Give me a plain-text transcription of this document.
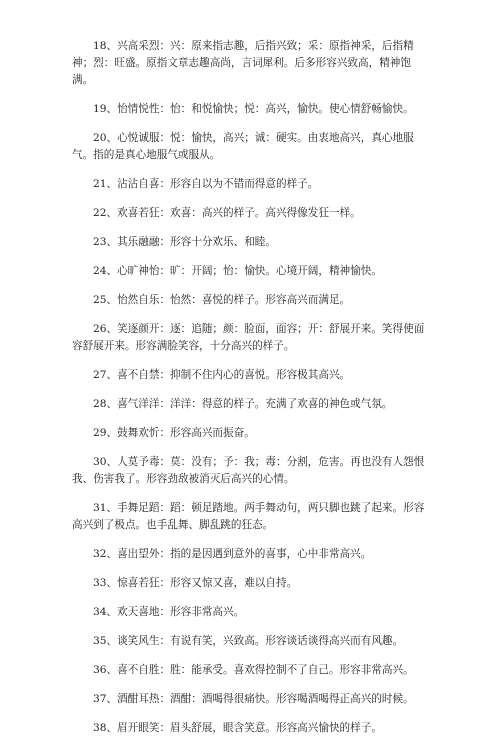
18、兴高采烈：兴：原来指志趣，后指兴致；采：原指神采，后指精神；烈：旺盛。原指文章志趣高尚，言词犀利。后多形容兴致高，精神饱满。

19、怡情悦性：怡：和悦愉快；悦：高兴，愉快。使心情舒畅愉快。

20、心悦诚服：悦：愉快，高兴；诚：硬实。由衷地高兴，真心地服气。指的是真心地服气或服从。

21、沾沾自喜：形容自以为不错而得意的样子。

22、欢喜若狂：欢喜：高兴的样子。高兴得像发狂一样。

23、其乐融融：形容十分欢乐、和睦。

24、心旷神怡：旷：开阔；怡：愉快。心境开阔，精神愉快。

25、怡然自乐：怡然：喜悦的样子。形容高兴而满足。

26、笑逐颜开：逐：追随；颜：脸面，面容；开：舒展开来。笑得使面容舒展开来。形容满脸笑容，十分高兴的样子。

27、喜不自禁：抑制不住内心的喜悦。形容极其高兴。

28、喜气洋洋：洋洋：得意的样子。充满了欢喜的神色或气氛。

29、鼓舞欢忻：形容高兴而振奋。

30、人莫予毒：莫：没有；予：我；毒：分割，危害。再也没有人怨恨我、伤害我了。形容劲敌被消灭后高兴的心情。

31、手舞足蹈：蹈：顿足踏地。两手舞动句，两只脚也跳了起来。形容高兴到了极点。也手乱舞、脚乱跳的狂态。

32、喜出望外：指的是因遇到意外的喜事，心中非常高兴。

33、惊喜若狂：形容又惊又喜，难以自持。

34、欢天喜地：形容非常高兴。

35、谈笑风生：有说有笑，兴致高。形容谈话谈得高兴而有风趣。

36、喜不自胜：胜：能承受。喜欢得控制不了自己。形容非常高兴。

37、酒酣耳热：酒酣：酒喝得很痛快。形容喝酒喝得正高兴的时候。

38、眉开眼笑：眉头舒展，眼含笑意。形容高兴愉快的样子。
